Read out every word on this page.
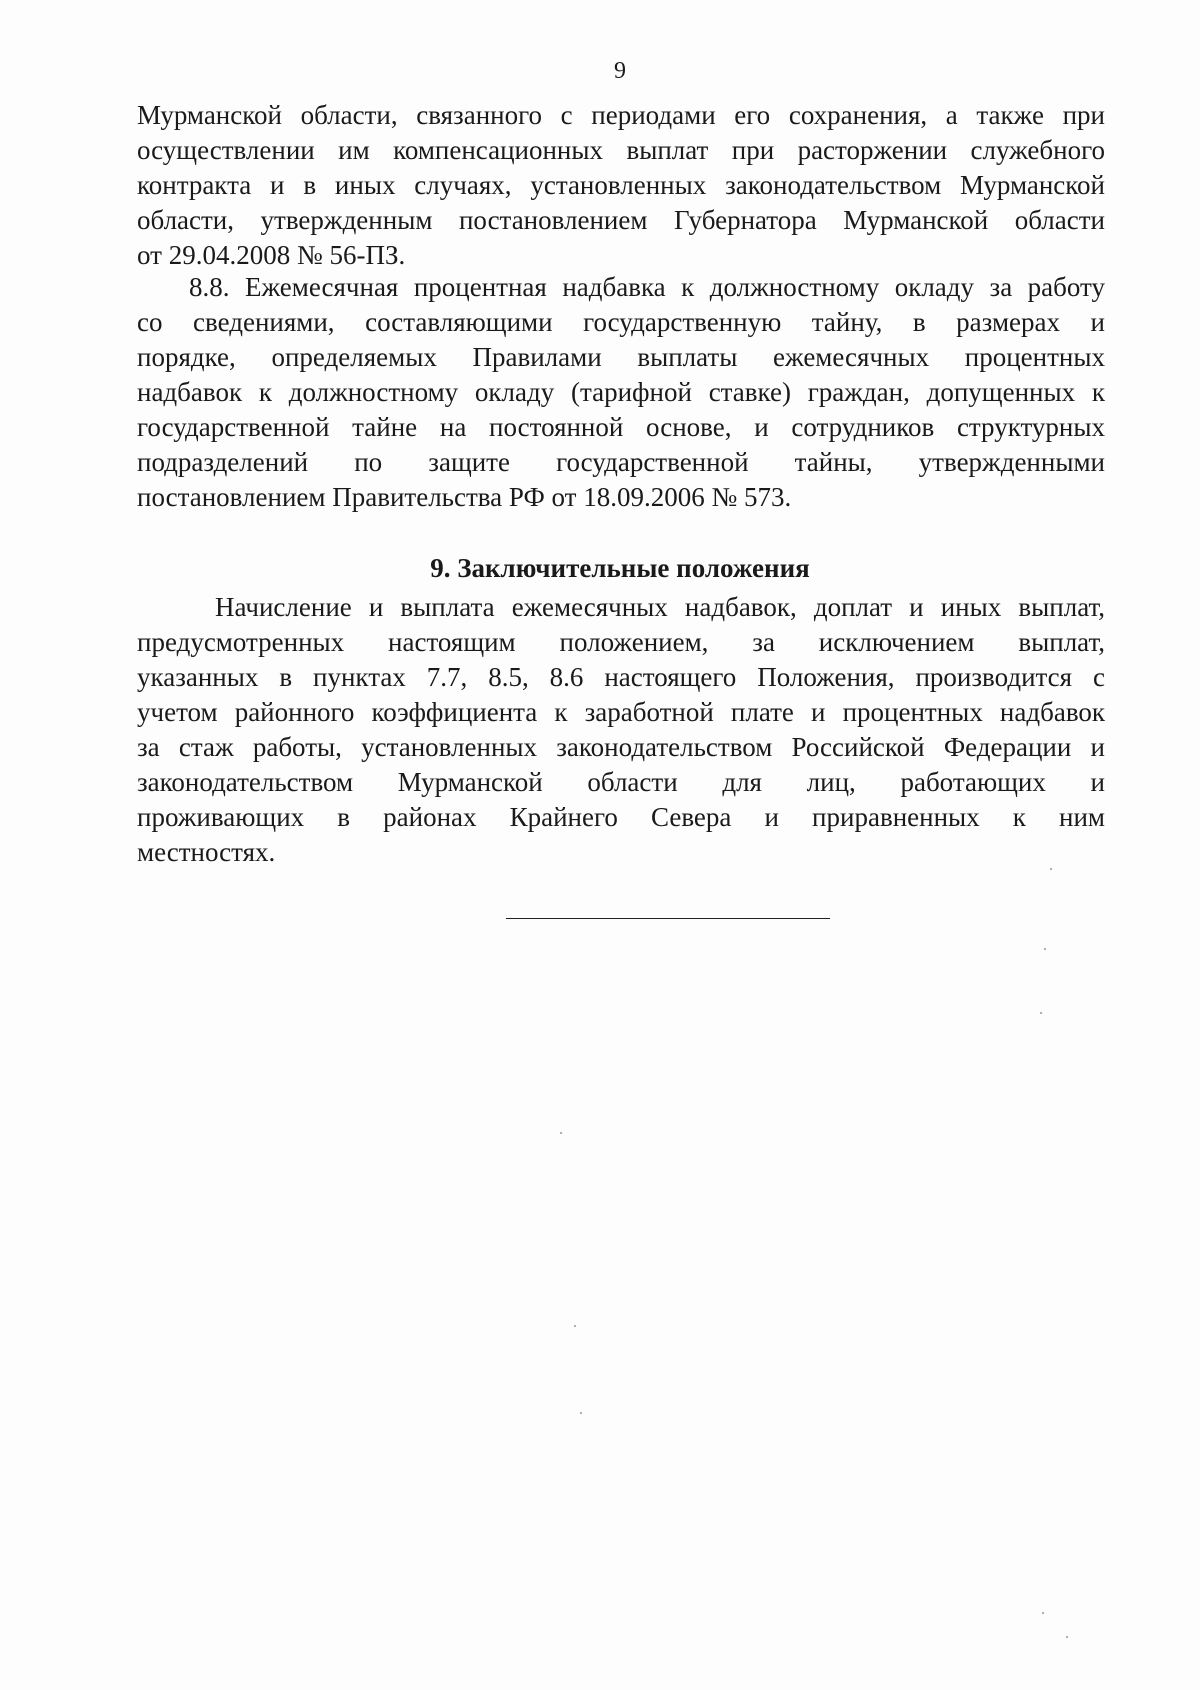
9

Мурманской области, связанного с периодами его сохранения, а также при
осуществлении им компенсационных выплат при расторжении служебного
контракта и в иных случаях, установленных законодательством Мурманской
области, утвержденным постановлением Губернатора Мурманской области
от 29.04.2008 № 56-ПЗ.

8.8. Ежемесячная процентная надбавка к должностному окладу за работу
со сведениями, составляющими государственную тайну, в размерах и
порядке, определяемых Правилами выплаты ежемесячных процентных
надбавок к должностному окладу (тарифной ставке) граждан, допущенных к
государственной тайне на постоянной основе, и сотрудников структурных
подразделений по защите государственной тайны, утвержденными
постановлением Правительства РФ от 18.09.2006 № 573.

9. Заключительные положения

Начисление и выплата ежемесячных надбавок, доплат и иных выплат,
предусмотренных настоящим положением, за исключением выплат,
указанных в пунктах 7.7, 8.5, 8.6 настоящего Положения, производится с
учетом районного коэффициента к заработной плате и процентных надбавок
за стаж работы, установленных законодательством Российской Федерации и
законодательством Мурманской области для лиц, работающих и
проживающих в районах Крайнего Севера и приравненных к ним
местностях.
